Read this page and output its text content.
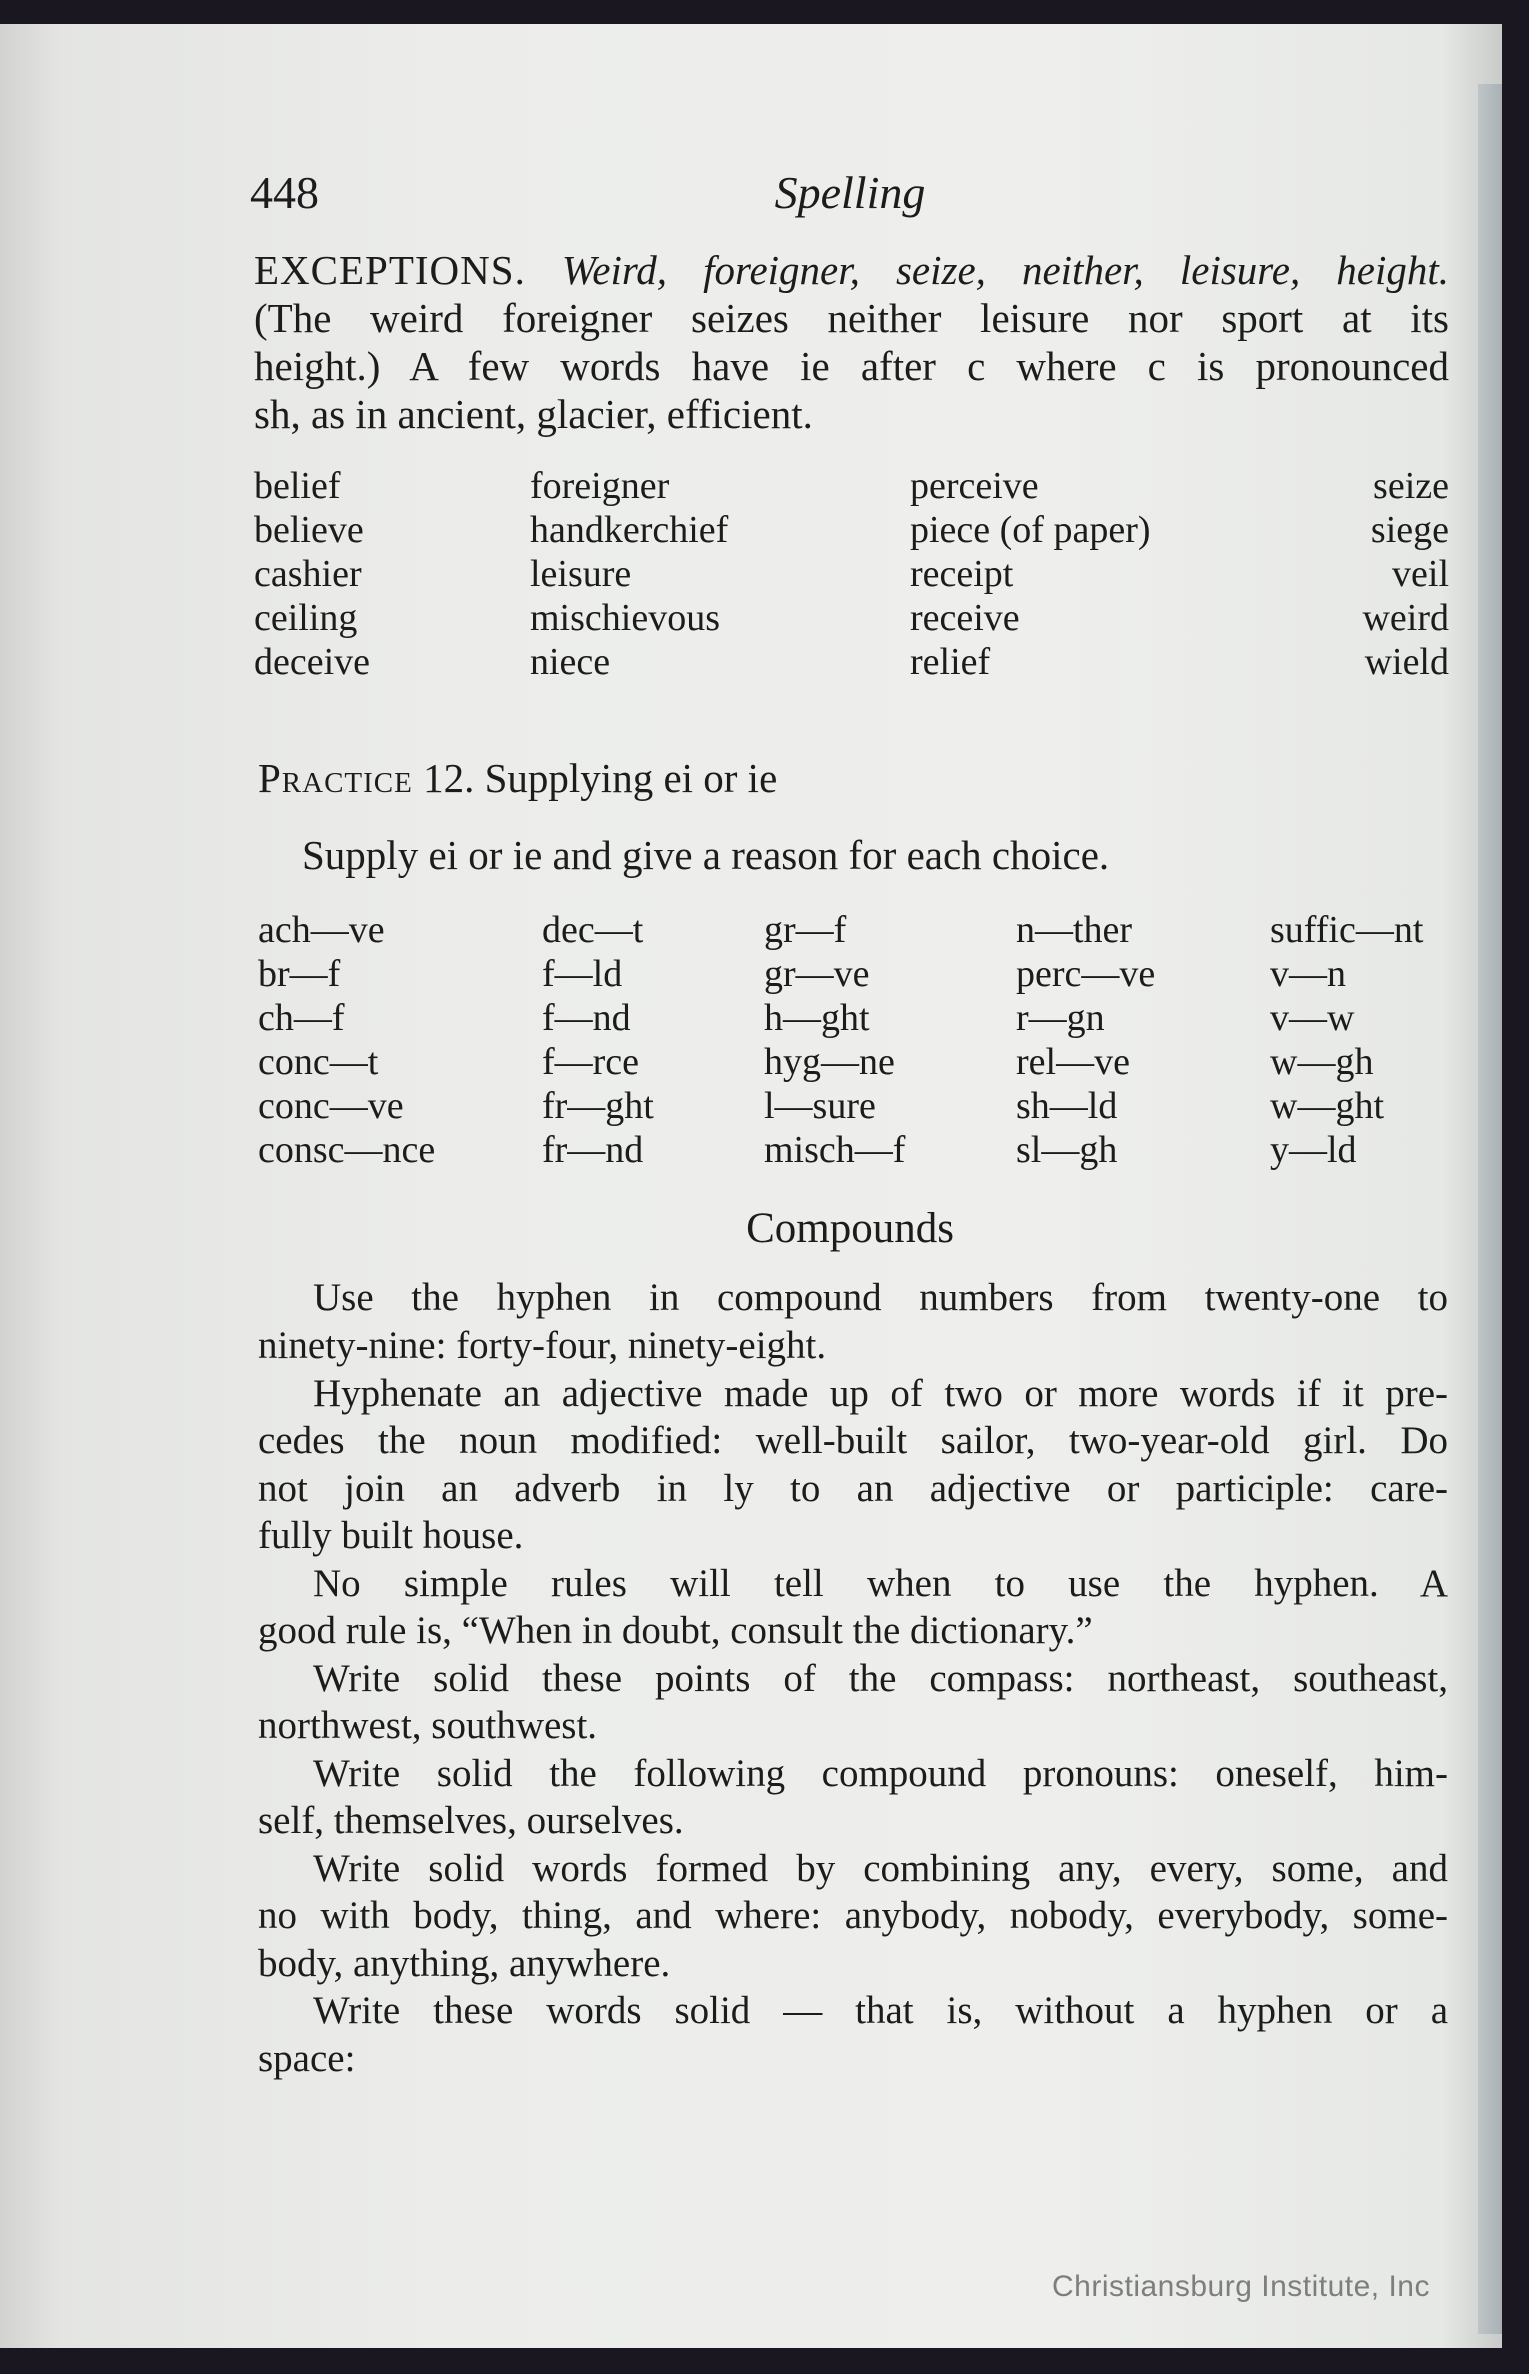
448	Spelling
EXCEPTIONS. Weird, foreigner, seize, neither, leisure, height.
(The weird foreigner seizes neither leisure nor sport at its
height.) A few words have ie after c where c is pronounced
sh, as in ancient, glacier, efficient.
belief	foreigner	perceive	seize
believe	handkerchief	piece (of paper)	siege
cashier	leisure	receipt	veil
ceiling	mischievous	receive	weird
deceive	niece	relief	wield
Practice 12. Supplying ei or ie
Supply ei or ie and give a reason for each choice.
ach—ve	dec—t	gr—f	n—ther	suffic—nt
br—f	f—ld	gr—ve	perc—ve	v—n
ch—f	f—nd	h—ght	r—gn	v—w
conc—t	f—rce	hyg—ne	rel—ve	w—gh
conc—ve	fr—ght	l—sure	sh—ld	w—ght
consc—nce	fr—nd	misch—f	sl—gh	y—ld
Compounds
Use the hyphen in compound numbers from twenty-one to
ninety-nine: forty-four, ninety-eight.
Hyphenate an adjective made up of two or more words if it pre-
cedes the noun modified: well-built sailor, two-year-old girl. Do
not join an adverb in ly to an adjective or participle: care-
fully built house.
No simple rules will tell when to use the hyphen. A
good rule is, “When in doubt, consult the dictionary.”
Write solid these points of the compass: northeast, southeast,
northwest, southwest.
Write solid the following compound pronouns: oneself, him-
self, themselves, ourselves.
Write solid words formed by combining any, every, some, and
no with body, thing, and where: anybody, nobody, everybody, some-
body, anything, anywhere.
Write these words solid — that is, without a hyphen or a
space:
Christiansburg Institute, Inc
